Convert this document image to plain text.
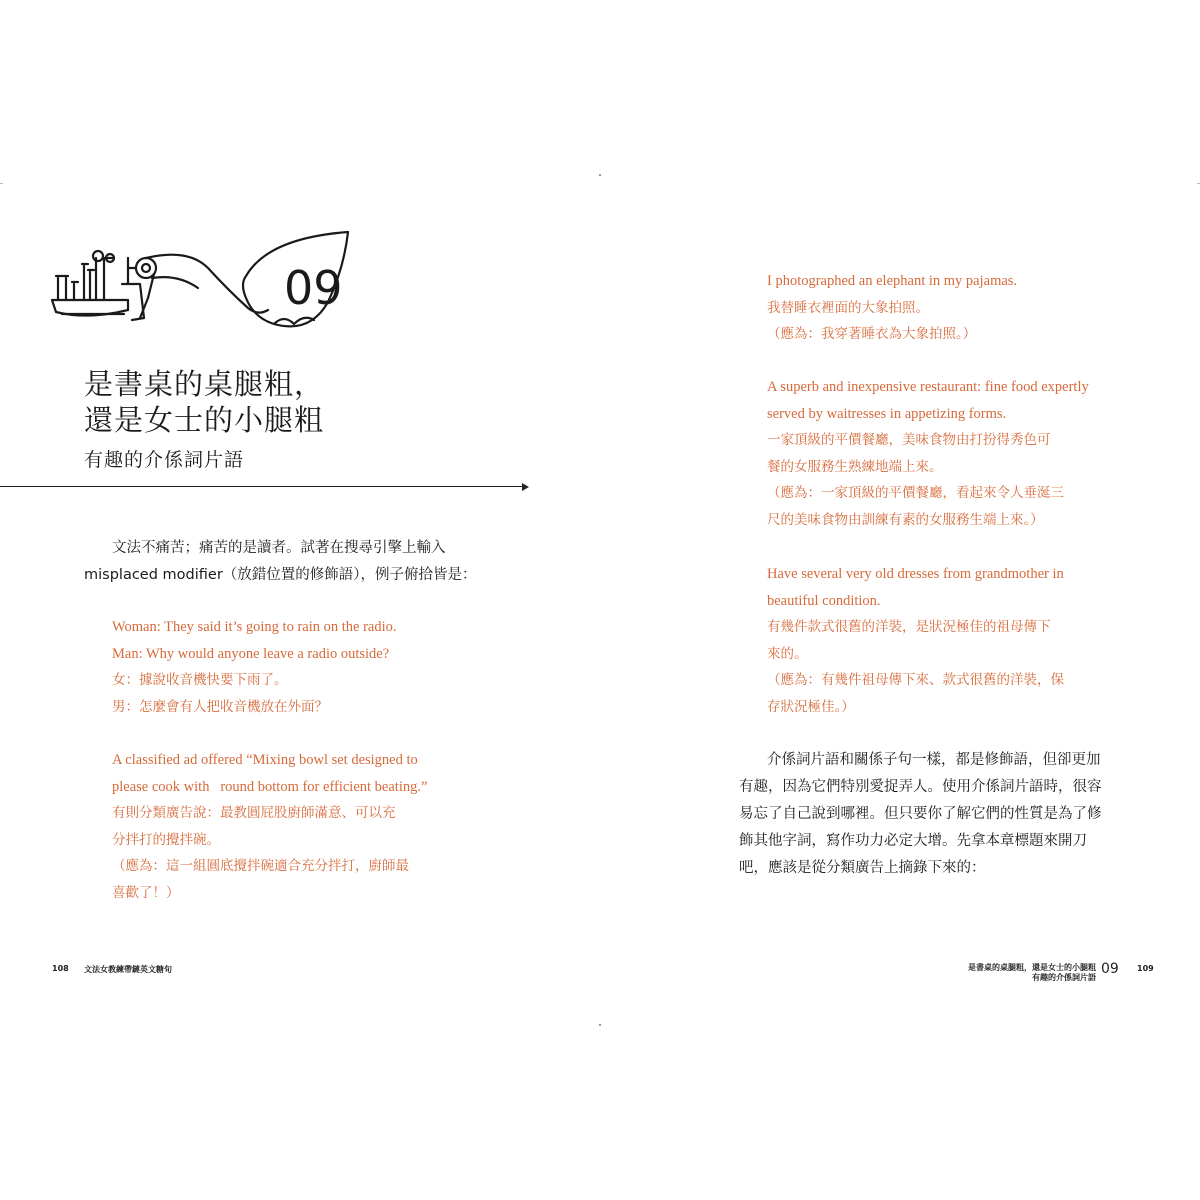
09
是書桌的桌腿粗，
還是女士的小腿粗
有趣的介係詞片語
文法不痛苦；痛苦的是讀者。試著在搜尋引擎上輸入
misplaced modifier（放錯位置的修飾語），例子俯拾皆是：
Woman: They said it’s going to rain on the radio.
Man: Why would anyone leave a radio outside?
女：據說收音機快要下雨了。
男：怎麼會有人把收音機放在外面？
A classified ad offered “Mixing bowl set designed to
please cook with   round bottom for efficient beating.”
有則分類廣告說：最教圓屁股廚師滿意、可以充
分拌打的攪拌碗。
（應為：這一組圓底攪拌碗適合充分拌打，廚師最
喜歡了！）
108 文法女教練帶鏈英文糖旬
I photographed an elephant in my pajamas.
我替睡衣裡面的大象拍照。
（應為：我穿著睡衣為大象拍照。）
A superb and inexpensive restaurant: fine food expertly
served by waitresses in appetizing forms.
一家頂級的平價餐廳，美味食物由打扮得秀色可
餐的女服務生熟練地端上來。
（應為：一家頂級的平價餐廳，看起來令人垂涎三
尺的美味食物由訓練有素的女服務生端上來。）
Have several very old dresses from grandmother in
beautiful condition.
有幾件款式很舊的洋裝，是狀況極佳的祖母傳下
來的。
（應為：有幾件祖母傳下來、款式很舊的洋裝，保
存狀況極佳。）
介係詞片語和關係子句一樣，都是修飾語，但卻更加
有趣，因為它們特別愛捉弄人。使用介係詞片語時，很容
易忘了自己說到哪裡。但只要你了解它們的性質是為了修
飾其他字詞，寫作功力必定大增。先拿本章標題來開刀
吧，應該是從分類廣告上摘錄下來的：
是書桌的桌腿粗，還是女士的小腿粗
有趣的介係詞片語
09 109
